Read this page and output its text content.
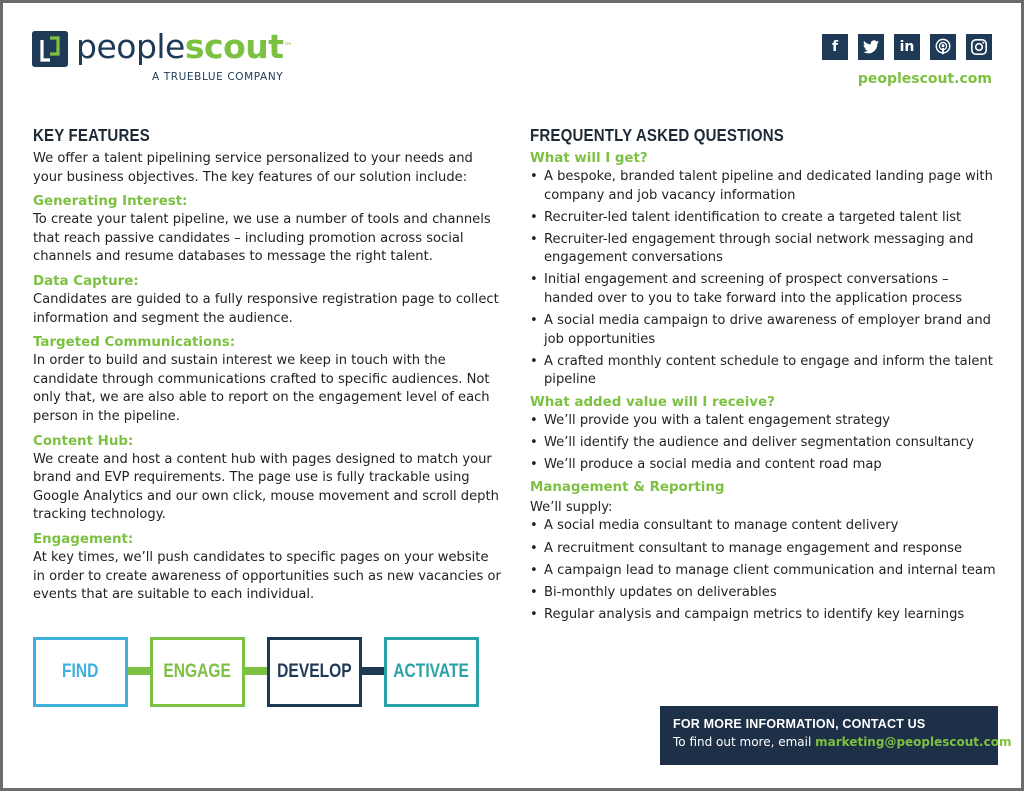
peoplescout™
A TRUEBLUE COMPANY
f	in
peoplescout.com
KEY FEATURES

We offer a talent pipelining service personalized to your needs and your business objectives. The key features of our solution include:

Generating Interest:

To create your talent pipeline, we use a number of tools and channels that reach passive candidates – including promotion across social channels and resume databases to message the right talent.

Data Capture:

Candidates are guided to a fully responsive registration page to collect information and segment the audience.

Targeted Communications:

In order to build and sustain interest we keep in touch with the candidate through communications crafted to specific audiences. Not only that, we are also able to report on the engagement level of each person in the pipeline.

Content Hub:

We create and host a content hub with pages designed to match your brand and EVP requirements. The page use is fully trackable using Google Analytics and our own click, mouse movement and scroll depth tracking technology.

Engagement:

At key times, we’ll push candidates to specific pages on your website in order to create awareness of opportunities such as new vacancies or events that are suitable to each individual.

FIND	ENGAGE DEVELOP ACTIVATE
FREQUENTLY ASKED QUESTIONS
What will I get?
• A bespoke, branded talent pipeline and dedicated landing page with company and job vacancy information
• Recruiter-led talent identification to create a targeted talent list
• Recruiter-led engagement through social network messaging and engagement conversations
• Initial engagement and screening of prospect conversations – handed over to you to take forward into the application process
• A social media campaign to drive awareness of employer brand and job opportunities
• A crafted monthly content schedule to engage and inform the talent pipeline
What added value will I receive?
• We’ll provide you with a talent engagement strategy
• We’ll identify the audience and deliver segmentation consultancy
• We’ll produce a social media and content road map
Management & Reporting

We’ll supply:

• A social media consultant to manage content delivery
• A recruitment consultant to manage engagement and response
• A campaign lead to manage client communication and internal team
• Bi-monthly updates on deliverables
• Regular analysis and campaign metrics to identify key learnings
FOR MORE INFORMATION, CONTACT US
To find out more, email marketing@peoplescout.com.
